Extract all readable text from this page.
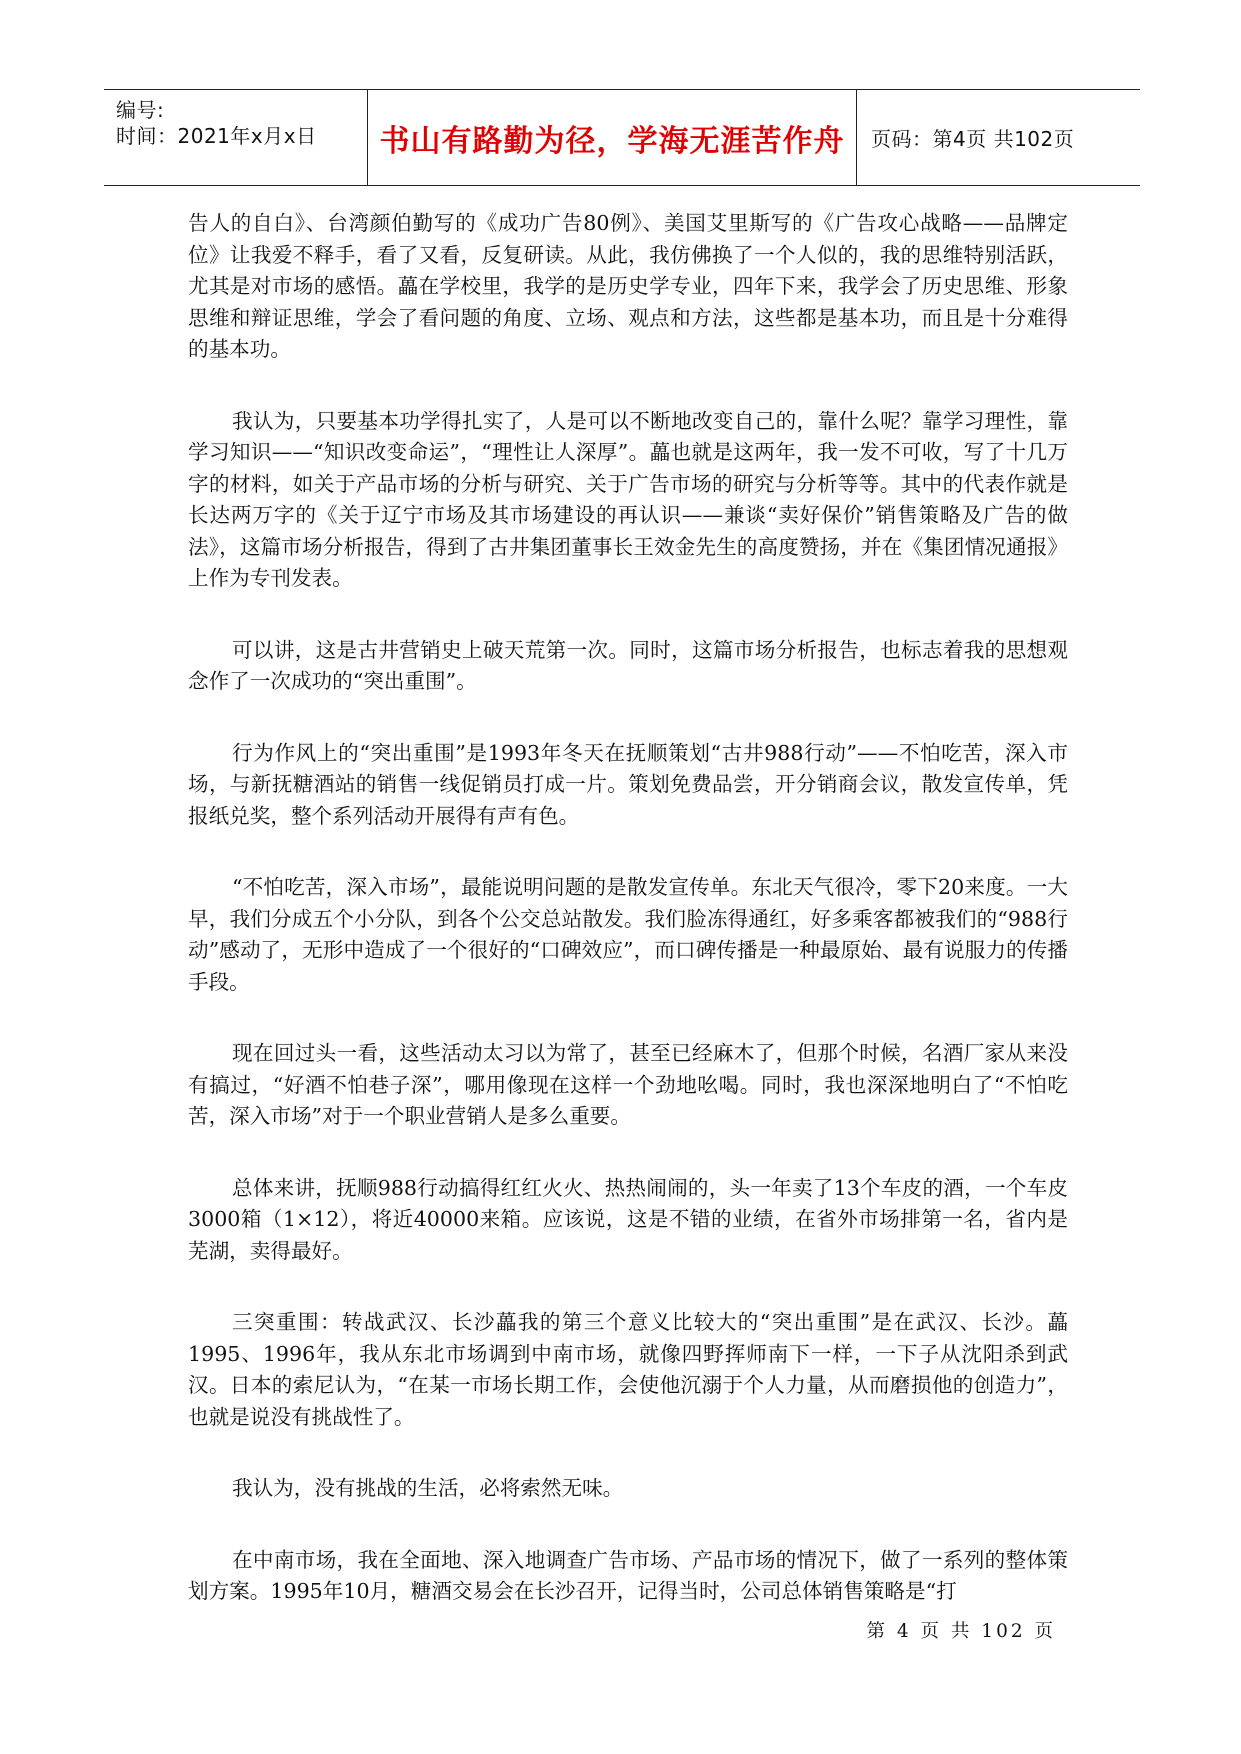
编号:
时间：2021年x月x日 书山有路勤为径，学海无涯苦作舟 页码：第4页 共102页

告人的自白》、台湾颜伯勤写的《成功广告80例》、美国艾里斯写的《广告攻心战略——品牌定位》让我爱不释手，看了又看，反复研读。从此，我仿佛换了一个人似的，我的思维特别活跃，尤其是对市场的感悟。藟在学校里，我学的是历史学专业，四年下来，我学会了历史思维、形象思维和辩证思维，学会了看问题的角度、立场、观点和方法，这些都是基本功，而且是十分难得的基本功。

我认为，只要基本功学得扎实了，人是可以不断地改变自己的，靠什么呢？靠学习理性，靠学习知识——“知识改变命运”，“理性让人深厚”。藟也就是这两年，我一发不可收，写了十几万字的材料，如关于产品市场的分析与研究、关于广告市场的研究与分析等等。其中的代表作就是长达两万字的《关于辽宁市场及其市场建设的再认识——兼谈“卖好保价”销售策略及广告的做法》，这篇市场分析报告，得到了古井集团董事长王效金先生的高度赞扬，并在《集团情况通报》上作为专刊发表。

可以讲，这是古井营销史上破天荒第一次。同时，这篇市场分析报告，也标志着我的思想观念作了一次成功的“突出重围”。

行为作风上的“突出重围”是1993年冬天在抚顺策划“古井988行动”——不怕吃苦，深入市场，与新抚糖酒站的销售一线促销员打成一片。策划免费品尝，开分销商会议，散发宣传单，凭报纸兑奖，整个系列活动开展得有声有色。

“不怕吃苦，深入市场”，最能说明问题的是散发宣传单。东北天气很冷，零下20来度。一大早，我们分成五个小分队，到各个公交总站散发。我们脸冻得通红，好多乘客都被我们的“988行动”感动了，无形中造成了一个很好的“口碑效应”，而口碑传播是一种最原始、最有说服力的传播手段。

现在回过头一看，这些活动太习以为常了，甚至已经麻木了，但那个时候，名酒厂家从来没有搞过，“好酒不怕巷子深”，哪用像现在这样一个劲地吆喝。同时，我也深深地明白了“不怕吃苦，深入市场”对于一个职业营销人是多么重要。

总体来讲，抚顺988行动搞得红红火火、热热闹闹的，头一年卖了13个车皮的酒，一个车皮3000箱（1×12），将近40000来箱。应该说，这是不错的业绩，在省外市场排第一名，省内是芜湖，卖得最好。

三突重围：转战武汉、长沙藟我的第三个意义比较大的“突出重围”是在武汉、长沙。藟1995、1996年，我从东北市场调到中南市场，就像四野挥师南下一样，一下子从沈阳杀到武汉。日本的索尼认为，“在某一市场长期工作，会使他沉溺于个人力量，从而磨损他的创造力”，也就是说没有挑战性了。

我认为，没有挑战的生活，必将索然无味。

在中南市场，我在全面地、深入地调查广告市场、产品市场的情况下，做了一系列的整体策划方案。1995年10月，糖酒交易会在长沙召开，记得当时，公司总体销售策略是“打

第 4 页 共 102 页
